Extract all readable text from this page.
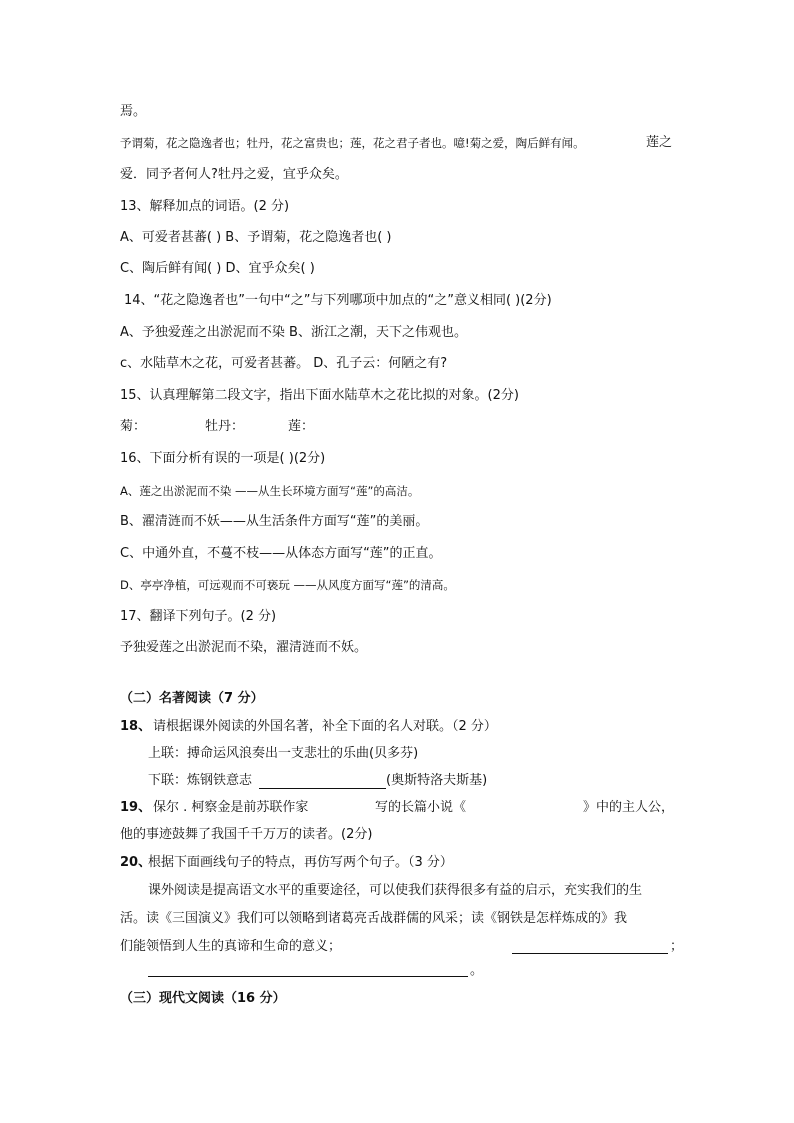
焉。
予谓菊，花之隐逸者也；牡丹，花之富贵也；莲，花之君子者也。噫!菊之爱，陶后鲜有闻。	莲之
爱．同予者何人?牡丹之爱，宜乎众矣。
13、解释加点的词语。(2 分)
A、可爱者甚蕃( ) B、予谓菊，花之隐逸者也( )
C、陶后鲜有闻( ) D、宜乎众矣( )
14、“花之隐逸者也”一句中“之”与下列哪项中加点的“之”意义相同( )(2分)
A、予独爱莲之出淤泥而不染 B、浙江之潮，天下之伟观也。
c、水陆草木之花，可爱者甚蕃。 D、孔子云：何陋之有?
15、认真理解第二段文字，指出下面水陆草木之花比拟的对象。(2分)
菊：	牡丹：	莲：
16、下面分析有误的一项是( )(2分)
A、莲之出淤泥而不染 ——从生长环境方面写“莲”的高洁。
B、濯清涟而不妖——从生活条件方面写“莲”的美丽。
C、中通外直，不蔓不枝——从体态方面写“莲”的正直。
D、亭亭净植，可远观而不可亵玩 ——从风度方面写“莲”的清高。
17、翻译下列句子。(2 分)
予独爱莲之出淤泥而不染，濯清涟而不妖。
（二）名著阅读（7 分）
18、 请根据课外阅读的外国名著，补全下面的名人对联。（2 分）
上联：搏命运风浪奏出一支悲壮的乐曲(贝多芬)
下联：炼钢铁意志	(奥斯特洛夫斯基)
19、 保尔 . 柯察金是前苏联作家	写的长篇小说《	》中的主人公，
他的事迹鼓舞了我国千千万万的读者。(2分)
20、
根据下面画线句子的特点，再仿写两个句子。（3 分）
课外阅读是提高语文水平的重要途径，可以使我们获得很多有益的启示，充实我们的生
活。读《三国演义》我们可以领略到诸葛亮舌战群儒的风采；读《钢铁是怎样炼成的》我
们能领悟到人生的真谛和生命的意义；	；
。
（三）现代文阅读（16 分）
